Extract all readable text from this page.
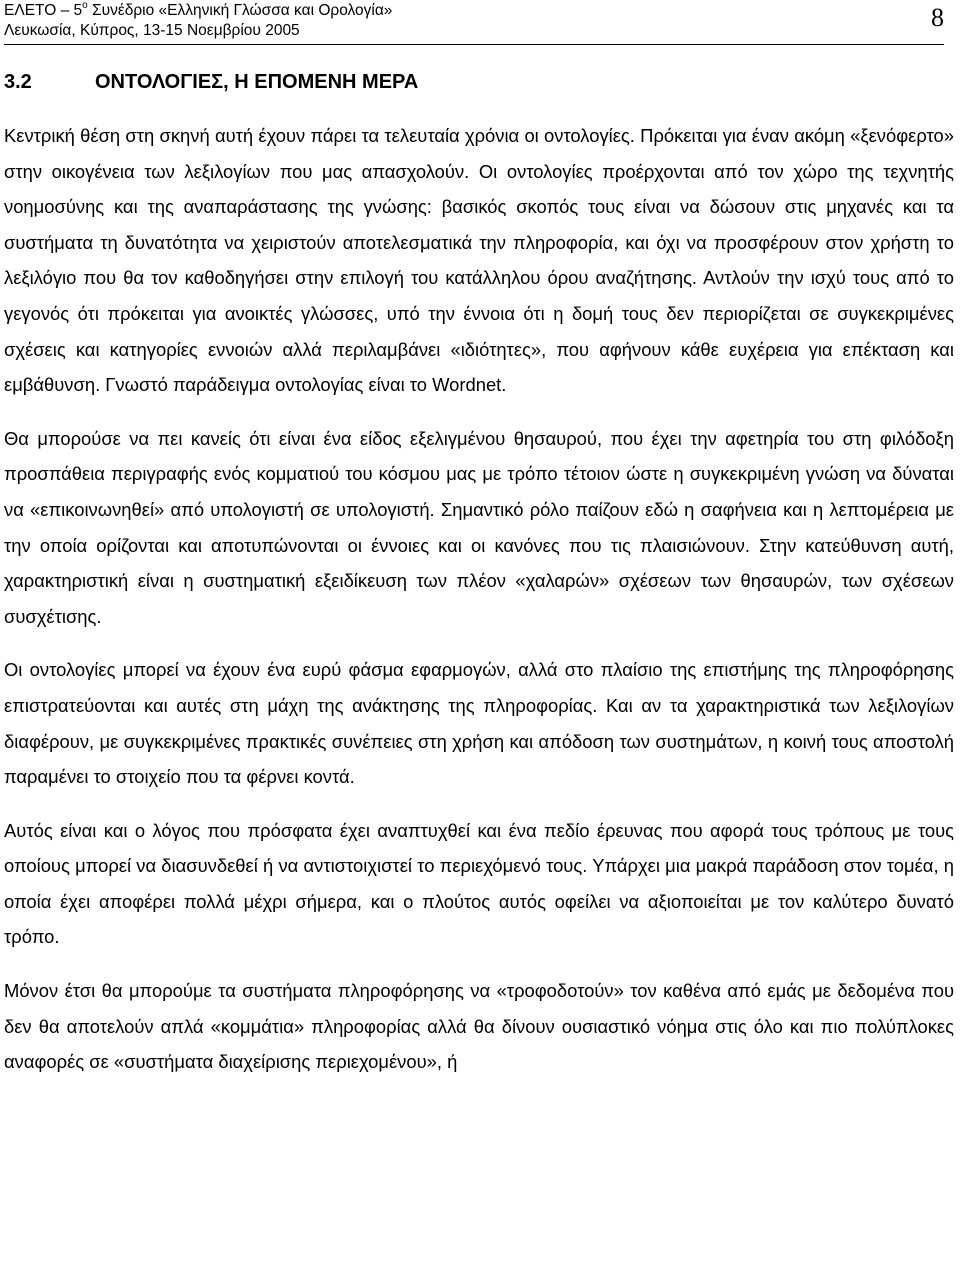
ΕΛΕΤΟ – $5^o$ Συνέδριο «Ελληνική Γλώσσα και Ορολογία»
Λευκωσία, Κύπρος, 13-15 Νοεμβρίου 2005	8
3.2	ΟΝΤΟΛΟΓΙΕΣ, Η ΕΠΟΜΕΝΗ ΜΕΡΑ

Κεντρική θέση στη σκηνή αυτή έχουν πάρει τα τελευταία χρόνια οι οντολογίες. Πρόκειται για έναν ακόμη «ξενόφερτο» στην οικογένεια των λεξιλογίων που μας απασχολούν. Οι οντολογίες προέρχονται από τον χώρο της τεχνητής νοημοσύνης και της αναπαράστασης της γνώσης: βασικός σκοπός τους είναι να δώσουν στις μηχανές και τα συστήματα τη δυνατότητα να χειριστούν αποτελεσματικά την πληροφορία, και όχι να προσφέρουν στον χρήστη το λεξιλόγιο που θα τον καθοδηγήσει στην επιλογή του κατάλληλου όρου αναζήτησης. Αντλούν την ισχύ τους από το γεγονός ότι πρόκειται για ανοικτές γλώσσες, υπό την έννοια ότι η δομή τους δεν περιορίζεται σε συγκεκριμένες σχέσεις και κατηγορίες εννοιών αλλά περιλαμβάνει «ιδιότητες», που αφήνουν κάθε ευχέρεια για επέκταση και εμβάθυνση. Γνωστό παράδειγμα οντολογίας είναι το Wordnet.

Θα μπορούσε να πει κανείς ότι είναι ένα είδος εξελιγμένου θησαυρού, που έχει την αφετηρία του στη φιλόδοξη προσπάθεια περιγραφής ενός κομματιού του κόσμου μας με τρόπο τέτοιον ώστε η συγκεκριμένη γνώση να δύναται να «επικοινωνηθεί» από υπολογιστή σε υπολογιστή. Σημαντικό ρόλο παίζουν εδώ η σαφήνεια και η λεπτομέρεια με την οποία ορίζονται και αποτυπώνονται οι έννοιες και οι κανόνες που τις πλαισιώνουν. Στην κατεύθυνση αυτή, χαρακτηριστική είναι η συστηματική εξειδίκευση των πλέον «χαλαρών» σχέσεων των θησαυρών, των σχέσεων συσχέτισης.

Οι οντολογίες μπορεί να έχουν ένα ευρύ φάσμα εφαρμογών, αλλά στο πλαίσιο της επιστήμης της πληροφόρησης επιστρατεύονται και αυτές στη μάχη της ανάκτησης της πληροφορίας. Και αν τα χαρακτηριστικά των λεξιλογίων διαφέρουν, με συγκεκριμένες πρακτικές συνέπειες στη χρήση και απόδοση των συστημάτων, η κοινή τους αποστολή παραμένει το στοιχείο που τα φέρνει κοντά.

Αυτός είναι και ο λόγος που πρόσφατα έχει αναπτυχθεί και ένα πεδίο έρευνας που αφορά τους τρόπους με τους οποίους μπορεί να διασυνδεθεί ή να αντιστοιχιστεί το περιεχόμενό τους. Υπάρχει μια μακρά παράδοση στον τομέα, η οποία έχει αποφέρει πολλά μέχρι σήμερα, και ο πλούτος αυτός οφείλει να αξιοποιείται με τον καλύτερο δυνατό τρόπο.

Μόνον έτσι θα μπορούμε τα συστήματα πληροφόρησης να «τροφοδοτούν» τον καθένα από εμάς με δεδομένα που δεν θα αποτελούν απλά «κομμάτια» πληροφορίας αλλά θα δίνουν ουσιαστικό νόημα στις όλο και πιο πολύπλοκες αναφορές σε «συστήματα διαχείρισης περιεχομένου», ή
